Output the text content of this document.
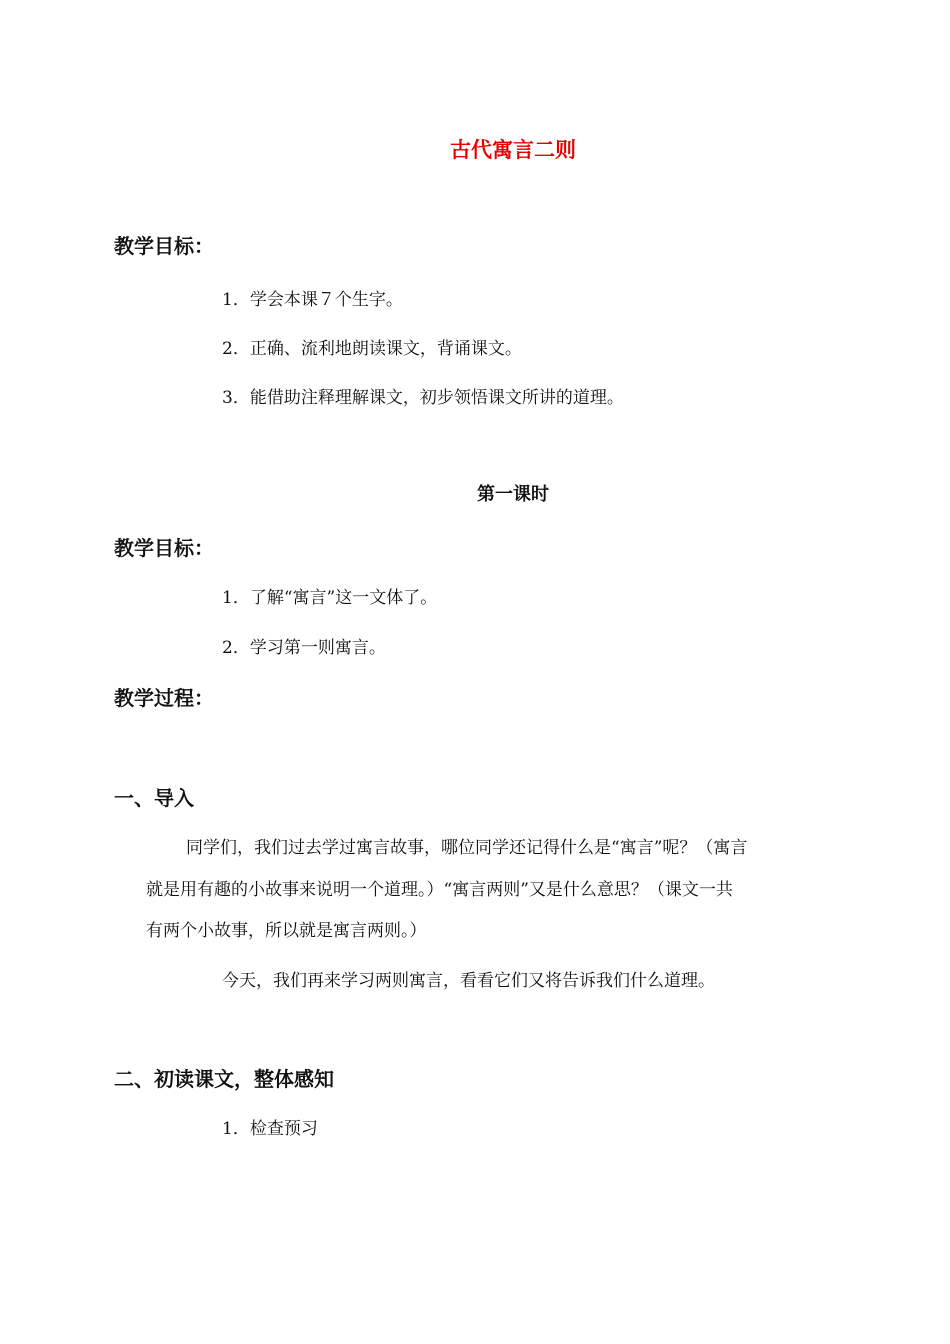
古代寓言二则
教学目标：
1．学会本课７个生字。
2．正确、流利地朗读课文，背诵课文。
3．能借助注释理解课文，初步领悟课文所讲的道理。
第一课时
教学目标：
1．了解“寓言”这一文体了。
2．学习第一则寓言。
教学过程：
一、导入
同学们，我们过去学过寓言故事，哪位同学还记得什么是“寓言”呢？（寓言
就是用有趣的小故事来说明一个道理。）“寓言两则”又是什么意思？（课文一共
有两个小故事，所以就是寓言两则。）
今天，我们再来学习两则寓言，看看它们又将告诉我们什么道理。
二、初读课文，整体感知
1．检查预习
